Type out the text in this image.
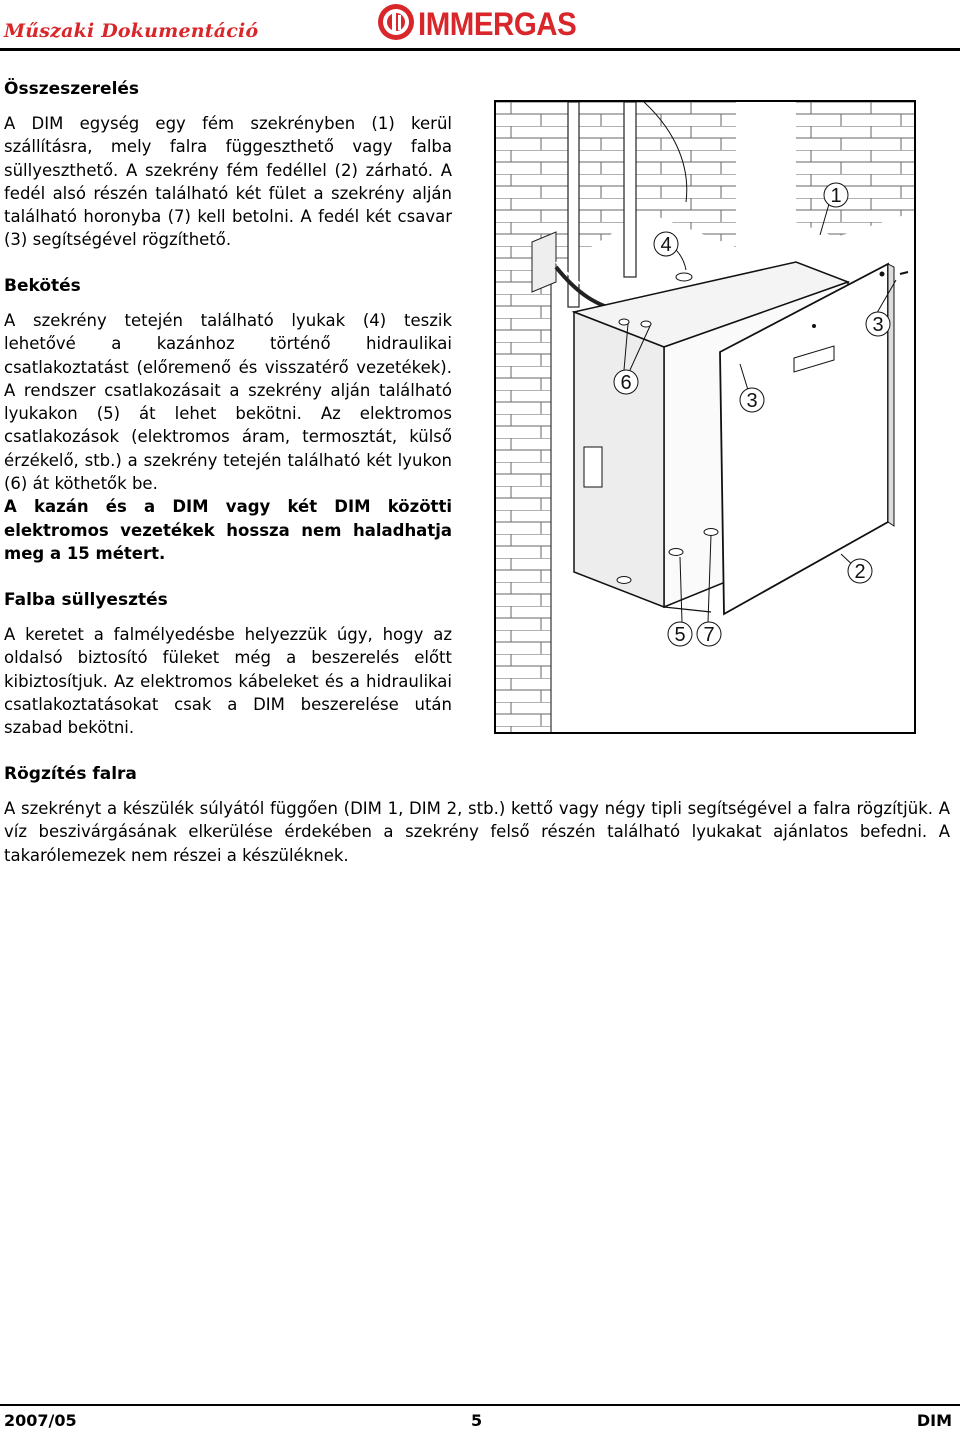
Műszaki Dokumentáció	IMMERGAS
Összeszerelés

A DIM egység egy fém szekrényben (1) kerül szállításra, mely falra függeszthető vagy falba süllyeszthető. A szekrény fém fedéllel (2) zárható. A fedél alsó részén található két fület a szekrény alján található horonyba (7) kell betolni. A fedél két csavar (3) segítségével rögzíthető.

Bekötés

A szekrény tetején található lyukak (4) teszik lehetővé a kazánhoz történő hidraulikai csatlakoztatást (előremenő és visszatérő vezetékek). A rendszer csatlakozásait a szekrény alján található lyukakon (5) át lehet bekötni. Az elektromos csatlakozások (elektromos áram, termosztát, külső érzékelő, stb.) a szekrény tetején található két lyukon (6) át köthetők be.
A kazán és a DIM vagy két DIM közötti elektromos vezetékek hossza nem haladhatja meg a 15 métert.

Falba süllyesztés

A keretet a falmélyedésbe helyezzük úgy, hogy az oldalsó biztosító füleket még a beszerelés előtt kibiztosítjuk. Az elektromos kábeleket és a hidraulikai csatlakoztatásokat csak a DIM beszerelése után szabad bekötni.

1
4
3
6
3
2
5 7
Rögzítés falra

A szekrényt a készülék súlyától függően (DIM 1, DIM 2, stb.) kettő vagy négy tipli segítségével a falra rögzítjük. A víz beszivárgásának elkerülése érdekében a szekrény felső részén található lyukakat ajánlatos befedni. A takarólemezek nem részei a készüléknek.

2007/05	5	DIM
